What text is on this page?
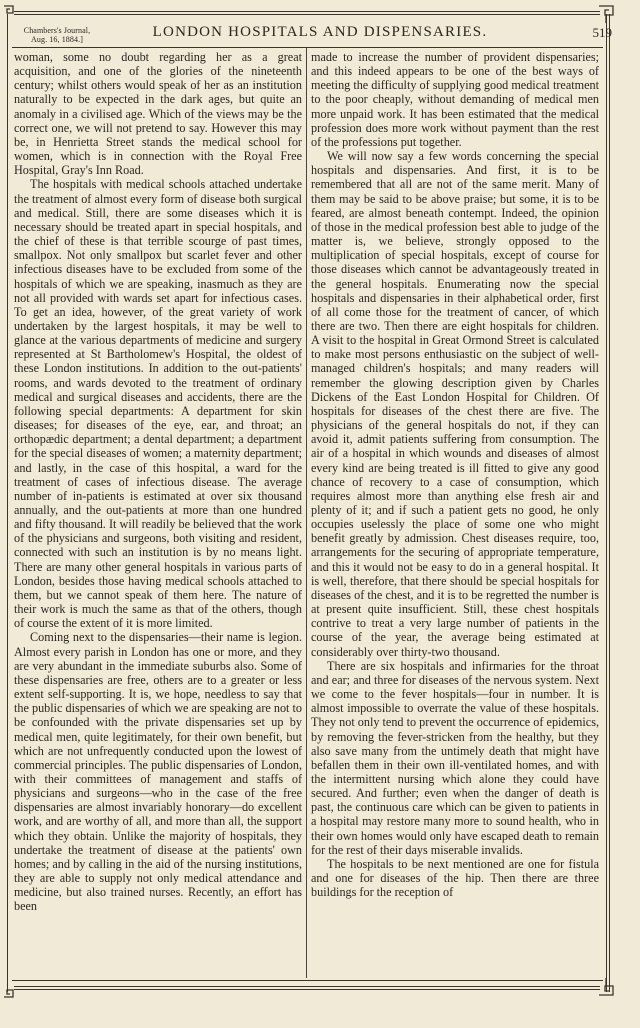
Chambers's Journal,
Aug. 16, 1884.]	LONDON HOSPITALS AND DISPENSARIES.	519

woman, some no doubt regarding her as a great acquisition, and one of the glories of the nineteenth century; whilst others would speak of her as an institution naturally to be expected in the dark ages, but quite an anomaly in a civilised age. Which of the views may be the correct one, we will not pretend to say. However this may be, in Henrietta Street stands the medical school for women, which is in connection with the Royal Free Hospital, Gray's Inn Road.

The hospitals with medical schools attached undertake the treatment of almost every form of disease both surgical and medical. Still, there are some diseases which it is necessary should be treated apart in special hospitals, and the chief of these is that terrible scourge of past times, smallpox. Not only smallpox but scarlet fever and other infectious diseases have to be excluded from some of the hospitals of which we are speaking, inasmuch as they are not all provided with wards set apart for infectious cases. To get an idea, however, of the great variety of work undertaken by the largest hospitals, it may be well to glance at the various departments of medicine and surgery represented at St Bartholomew's Hospital, the oldest of these London institutions. In addition to the out-patients' rooms, and wards devoted to the treatment of ordinary medical and surgical diseases and accidents, there are the following special departments: A department for skin diseases; for diseases of the eye, ear, and throat; an orthopædic department; a dental department; a department for the special diseases of women; a maternity department; and lastly, in the case of this hospital, a ward for the treatment of cases of infectious disease. The average number of in-patients is estimated at over six thousand annually, and the out-patients at more than one hundred and fifty thousand. It will readily be believed that the work of the physicians and surgeons, both visiting and resident, connected with such an institution is by no means light. There are many other general hospitals in various parts of London, besides those having medical schools attached to them, but we cannot speak of them here. The nature of their work is much the same as that of the others, though of course the extent of it is more limited.

Coming next to the dispensaries—their name is legion. Almost every parish in London has one or more, and they are very abundant in the immediate suburbs also. Some of these dispensaries are free, others are to a greater or less extent self-supporting. It is, we hope, needless to say that the public dispensaries of which we are speaking are not to be confounded with the private dispensaries set up by medical men, quite legitimately, for their own benefit, but which are not unfrequently conducted upon the lowest of commercial principles. The public dispensaries of London, with their committees of management and staffs of physicians and surgeons—who in the case of the free dispensaries are almost invariably honorary—do excellent work, and are worthy of all, and more than all, the support which they obtain. Unlike the majority of hospitals, they undertake the treatment of disease at the patients' own homes; and by calling in the aid of the nursing institutions, they are able to supply not only medical attendance and medicine, but also trained nurses. Recently, an effort has been

made to increase the number of provident dispensaries; and this indeed appears to be one of the best ways of meeting the difficulty of supplying good medical treatment to the poor cheaply, without demanding of medical men more unpaid work. It has been estimated that the medical profession does more work without payment than the rest of the professions put together.

We will now say a few words concerning the special hospitals and dispensaries. And first, it is to be remembered that all are not of the same merit. Many of them may be said to be above praise; but some, it is to be feared, are almost beneath contempt. Indeed, the opinion of those in the medical profession best able to judge of the matter is, we believe, strongly opposed to the multiplication of special hospitals, except of course for those diseases which cannot be advantageously treated in the general hospitals. Enumerating now the special hospitals and dispensaries in their alphabetical order, first of all come those for the treatment of cancer, of which there are two. Then there are eight hospitals for children. A visit to the hospital in Great Ormond Street is calculated to make most persons enthusiastic on the subject of well-managed children's hospitals; and many readers will remember the glowing description given by Charles Dickens of the East London Hospital for Children. Of hospitals for diseases of the chest there are five. The physicians of the general hospitals do not, if they can avoid it, admit patients suffering from consumption. The air of a hospital in which wounds and diseases of almost every kind are being treated is ill fitted to give any good chance of recovery to a case of consumption, which requires almost more than anything else fresh air and plenty of it; and if such a patient gets no good, he only occupies uselessly the place of some one who might benefit greatly by admission. Chest diseases require, too, arrangements for the securing of appropriate temperature, and this it would not be easy to do in a general hospital. It is well, therefore, that there should be special hospitals for diseases of the chest, and it is to be regretted the number is at present quite insufficient. Still, these chest hospitals contrive to treat a very large number of patients in the course of the year, the average being estimated at considerably over thirty-two thousand.

There are six hospitals and infirmaries for the throat and ear; and three for diseases of the nervous system. Next we come to the fever hospitals—four in number. It is almost impossible to overrate the value of these hospitals. They not only tend to prevent the occurrence of epidemics, by removing the fever-stricken from the healthy, but they also save many from the untimely death that might have befallen them in their own ill-ventilated homes, and with the intermittent nursing which alone they could have secured. And further; even when the danger of death is past, the continuous care which can be given to patients in a hospital may restore many more to sound health, who in their own homes would only have escaped death to remain for the rest of their days miserable invalids.

The hospitals to be next mentioned are one for fistula and one for diseases of the hip. Then there are three buildings for the reception of
